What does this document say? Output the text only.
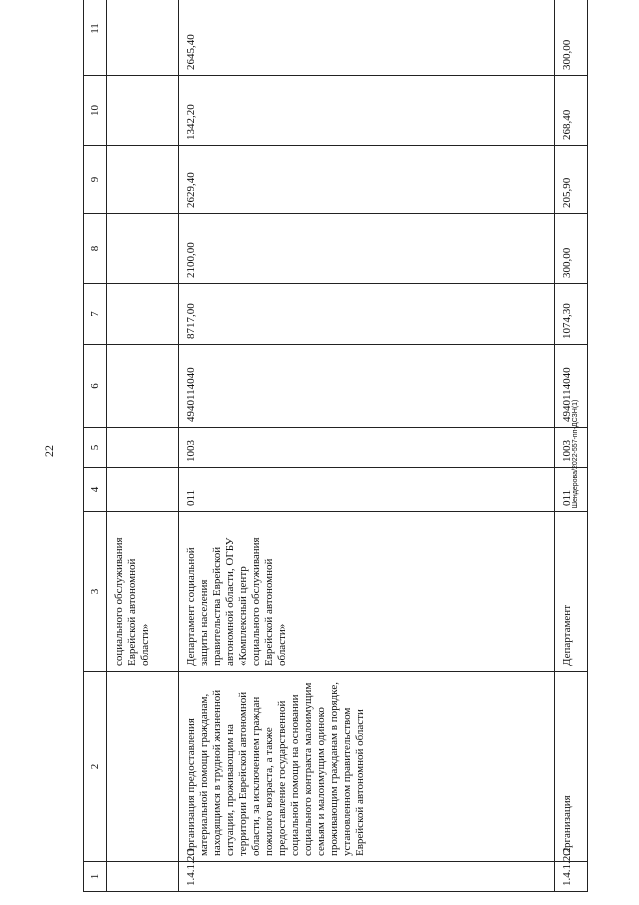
22	Шендерова/2022-557-пп-ДСЗН(1)
1	2	3	4	5	6	7	8	9	10	11
		социального обслуживания Еврейской автономной области»								
1.4.1.2.1	Организация предоставления материальной помощи гражданам, находящимся в трудной жизненной ситуации, проживающим на территории Еврейской автономной области, за исключением граждан пожилого возраста, а также предоставление государственной социальной помощи на основании социального контракта малоимущим семьям и малоимущим одиноко проживающим гражданам в порядке, установленном правительством Еврейской автономной области	Департамент социальной защиты населения правительства Еврейской автономной области, ОГБУ «Комплексный центр социального обслуживания Еврейской автономной области»	011	1003	4940114040	8717,00	2100,00	2629,40	1342,20	2645,40
1.4.1.2.2	Организация	Департамент	011	1003	4940114040	1074,30	300,00	205,90	268,40	300,00
